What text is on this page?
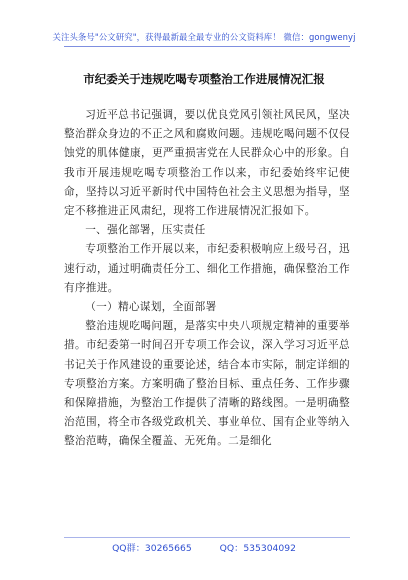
关注头条号"公文研究"，获得最新最全最专业的公文资料库！ 微信：gongwenyj
市纪委关于违规吃喝专项整治工作进展情况汇报

习近平总书记强调，要以优良党风引领社风民风，坚决整治群众身边的不正之风和腐败问题。违规吃喝问题不仅侵蚀党的肌体健康，更严重损害党在人民群众心中的形象。自我市开展违规吃喝专项整治工作以来，市纪委始终牢记使命，坚持以习近平新时代中国特色社会主义思想为指导，坚定不移推进正风肃纪，现将工作进展情况汇报如下。

一、强化部署，压实责任

专项整治工作开展以来，市纪委积极响应上级号召，迅速行动，通过明确责任分工、细化工作措施，确保整治工作有序推进。

（一）精心谋划，全面部署

整治违规吃喝问题，是落实中央八项规定精神的重要举措。市纪委第一时间召开专项工作会议，深入学习习近平总书记关于作风建设的重要论述，结合本市实际，制定详细的专项整治方案。方案明确了整治目标、重点任务、工作步骤和保障措施，为整治工作提供了清晰的路线图。一是明确整治范围，将全市各级党政机关、事业单位、国有企业等纳入整治范畴，确保全覆盖、无死角。二是细化

QQ群：30265665	QQ：535304092
